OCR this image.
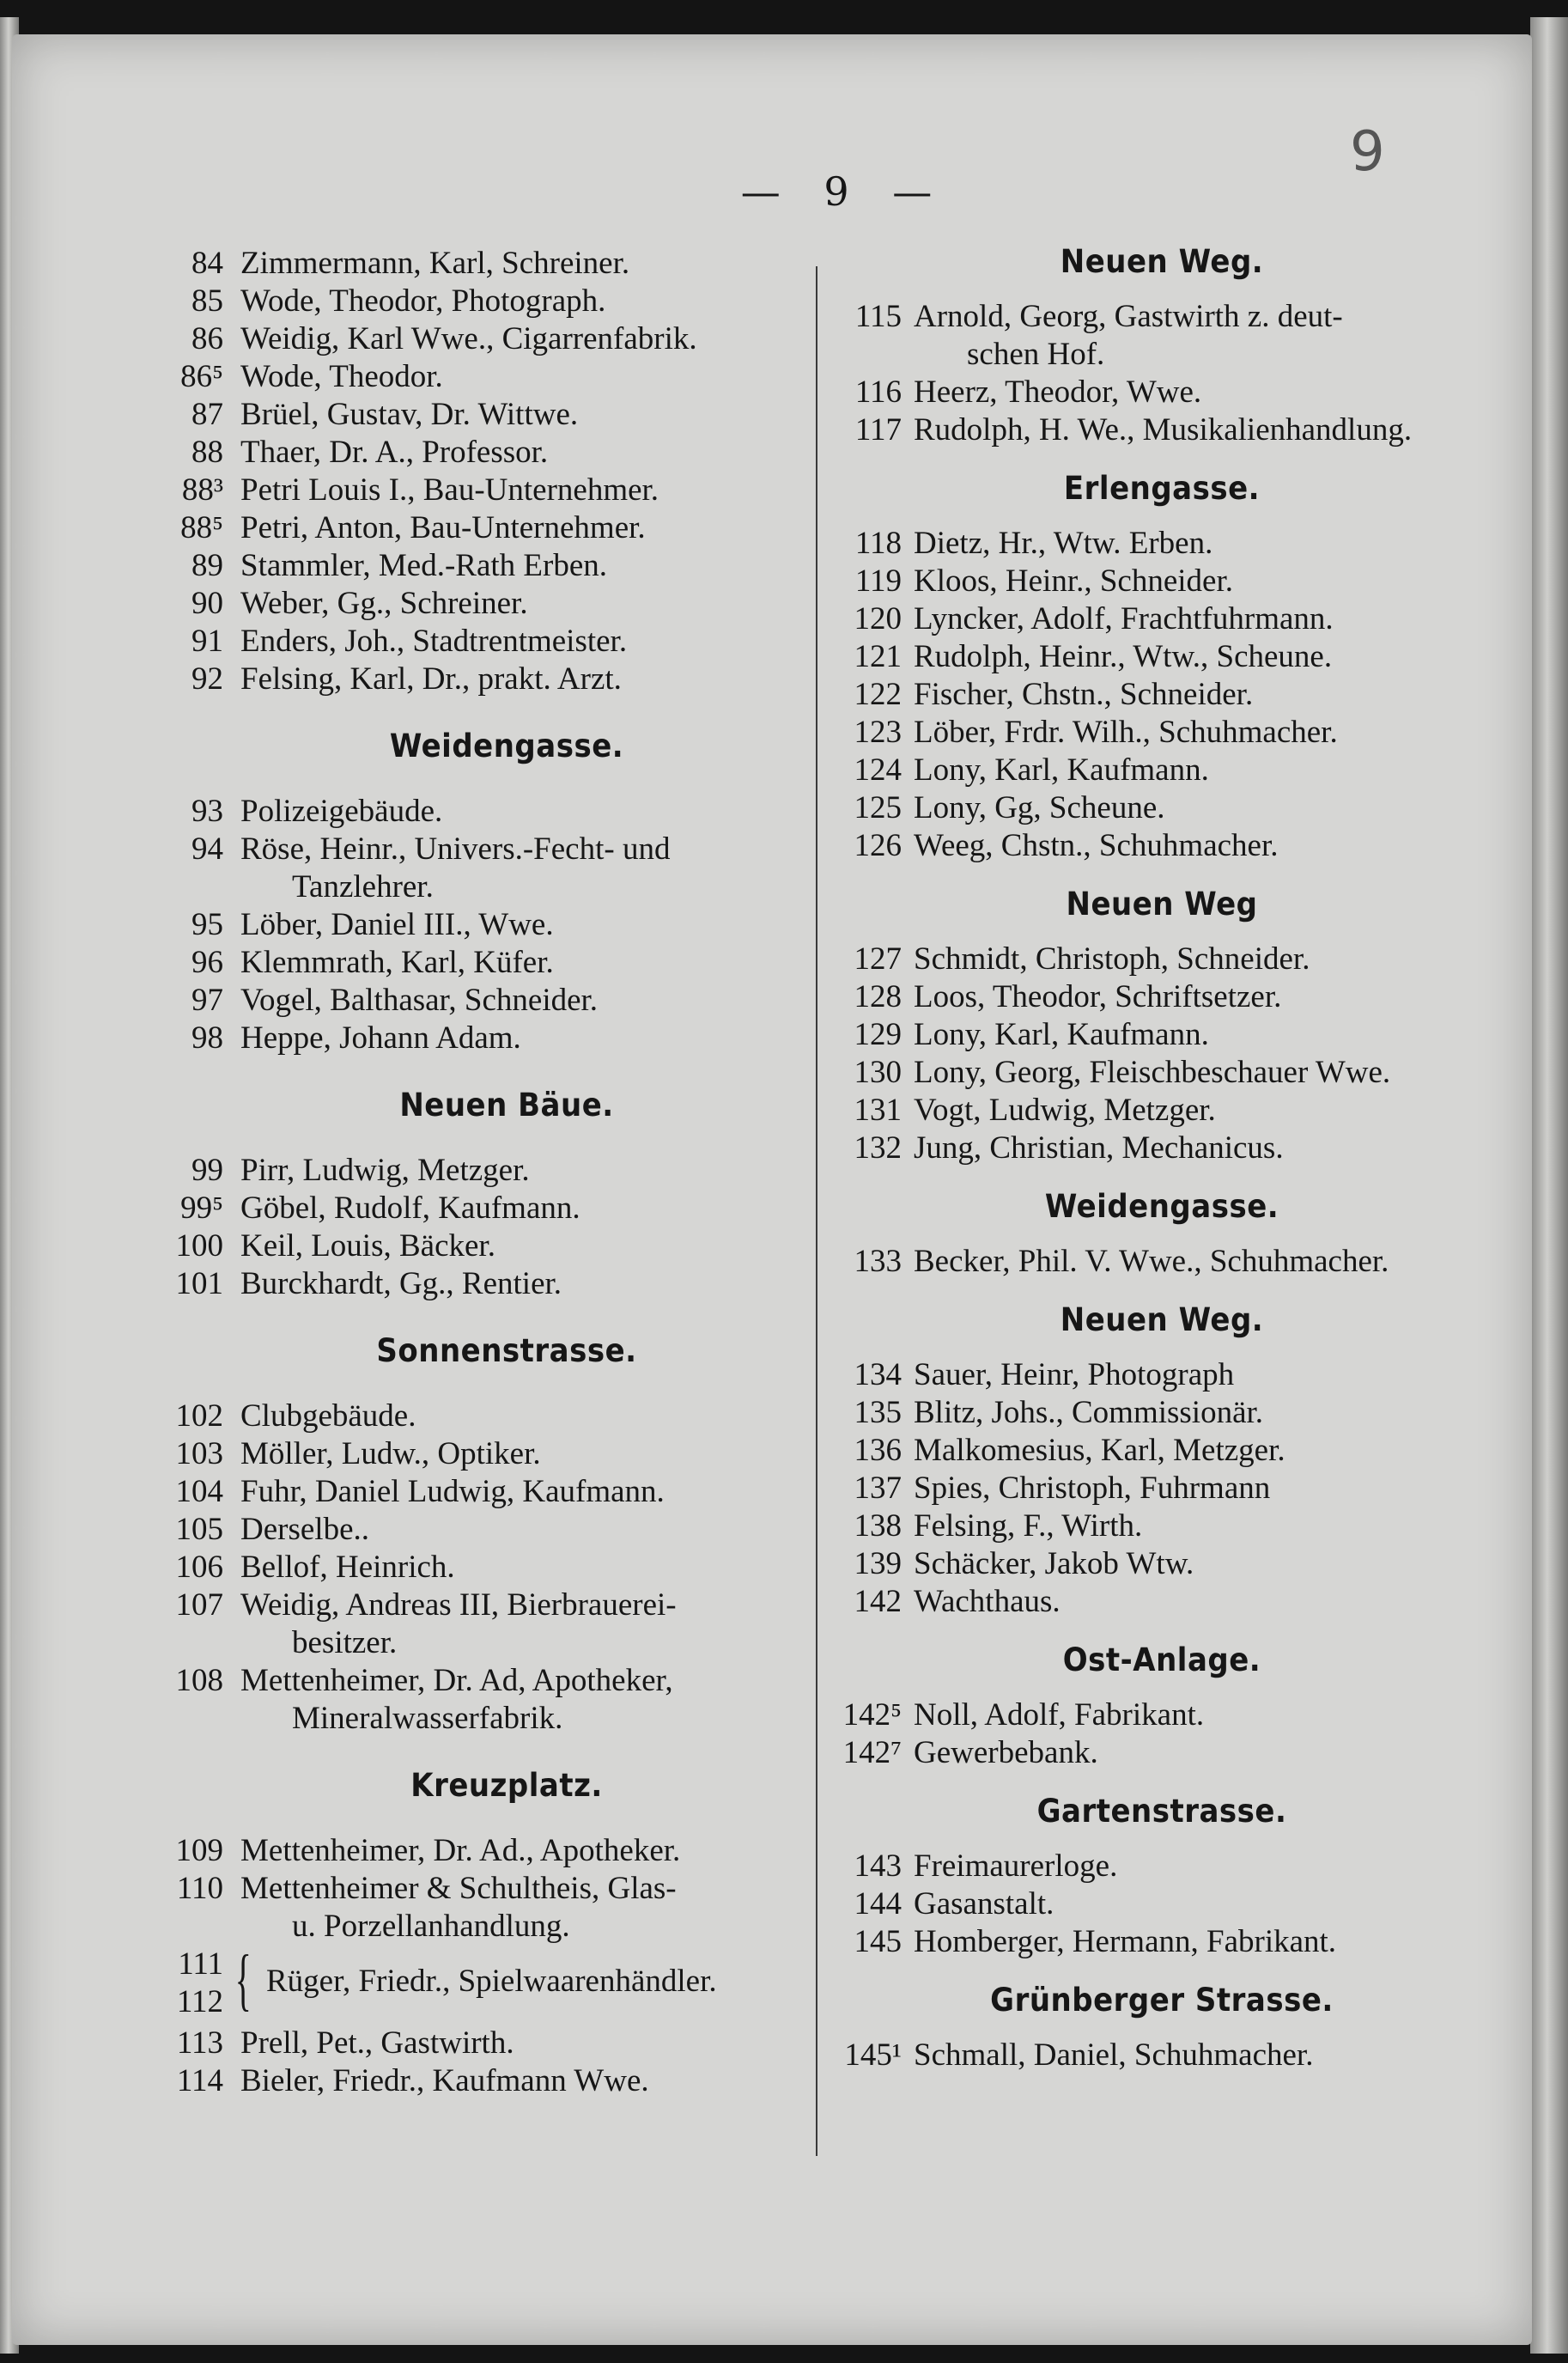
9
— 9 —
84 Zimmermann, Karl, Schreiner.
85 Wode, Theodor, Photograph.
86 Weidig, Karl Wwe., Cigarrenfabrik.
86⁵ Wode, Theodor.
87 Brüel, Gustav, Dr. Wittwe.
88 Thaer, Dr. A., Professor.
88³ Petri Louis I., Bau-Unternehmer.
88⁵ Petri, Anton, Bau-Unternehmer.
89 Stammler, Med.-Rath Erben.
90 Weber, Gg., Schreiner.
91 Enders, Joh., Stadtrentmeister.
92 Felsing, Karl, Dr., prakt. Arzt.
Weidengasse.
93 Polizeigebäude.
94 Röse, Heinr., Univers.-Fecht- und
Tanzlehrer.
95 Löber, Daniel III., Wwe.
96 Klemmrath, Karl, Küfer.
97 Vogel, Balthasar, Schneider.
98 Heppe, Johann Adam.
Neuen Bäue.
99 Pirr, Ludwig, Metzger.
99⁵ Göbel, Rudolf, Kaufmann.
100 Keil, Louis, Bäcker.
101 Burckhardt, Gg., Rentier.
Sonnenstrasse.
102 Clubgebäude.
103 Möller, Ludw., Optiker.
104 Fuhr, Daniel Ludwig, Kaufmann.
105 Derselbe..
106 Bellof, Heinrich.
107 Weidig, Andreas III, Bierbrauerei-
besitzer.
108 Mettenheimer, Dr. Ad, Apotheker,
Mineralwasserfabrik.
Kreuzplatz.
109 Mettenheimer, Dr. Ad., Apotheker.
110 Mettenheimer & Schultheis, Glas-
u. Porzellanhandlung.
111
112 { Rüger, Friedr., Spielwaarenhändler.
113 Prell, Pet., Gastwirth.
114 Bieler, Friedr., Kaufmann Wwe.
Neuen Weg.
115 Arnold, Georg, Gastwirth z. deut-
schen Hof.
116 Heerz, Theodor, Wwe.
117 Rudolph, H. We., Musikalienhandlung.
Erlengasse.
118 Dietz, Hr., Wtw. Erben.
119 Kloos, Heinr., Schneider.
120 Lyncker, Adolf, Frachtfuhrmann.
121 Rudolph, Heinr., Wtw., Scheune.
122 Fischer, Chstn., Schneider.
123 Löber, Frdr. Wilh., Schuhmacher.
124 Lony, Karl, Kaufmann.
125 Lony, Gg, Scheune.
126 Weeg, Chstn., Schuhmacher.
Neuen Weg
127 Schmidt, Christoph, Schneider.
128 Loos, Theodor, Schriftsetzer.
129 Lony, Karl, Kaufmann.
130 Lony, Georg, Fleischbeschauer Wwe.
131 Vogt, Ludwig, Metzger.
132 Jung, Christian, Mechanicus.
Weidengasse.
133 Becker, Phil. V. Wwe., Schuhmacher.
Neuen Weg.
134 Sauer, Heinr, Photograph
135 Blitz, Johs., Commissionär.
136 Malkomesius, Karl, Metzger.
137 Spies, Christoph, Fuhrmann
138 Felsing, F., Wirth.
139 Schäcker, Jakob Wtw.
142 Wachthaus.
Ost-Anlage.
142⁵ Noll, Adolf, Fabrikant.
142⁷ Gewerbebank.
Gartenstrasse.
143 Freimaurerloge.
144 Gasanstalt.
145 Homberger, Hermann, Fabrikant.
Grünberger Strasse.
145¹ Schmall, Daniel, Schuhmacher.
